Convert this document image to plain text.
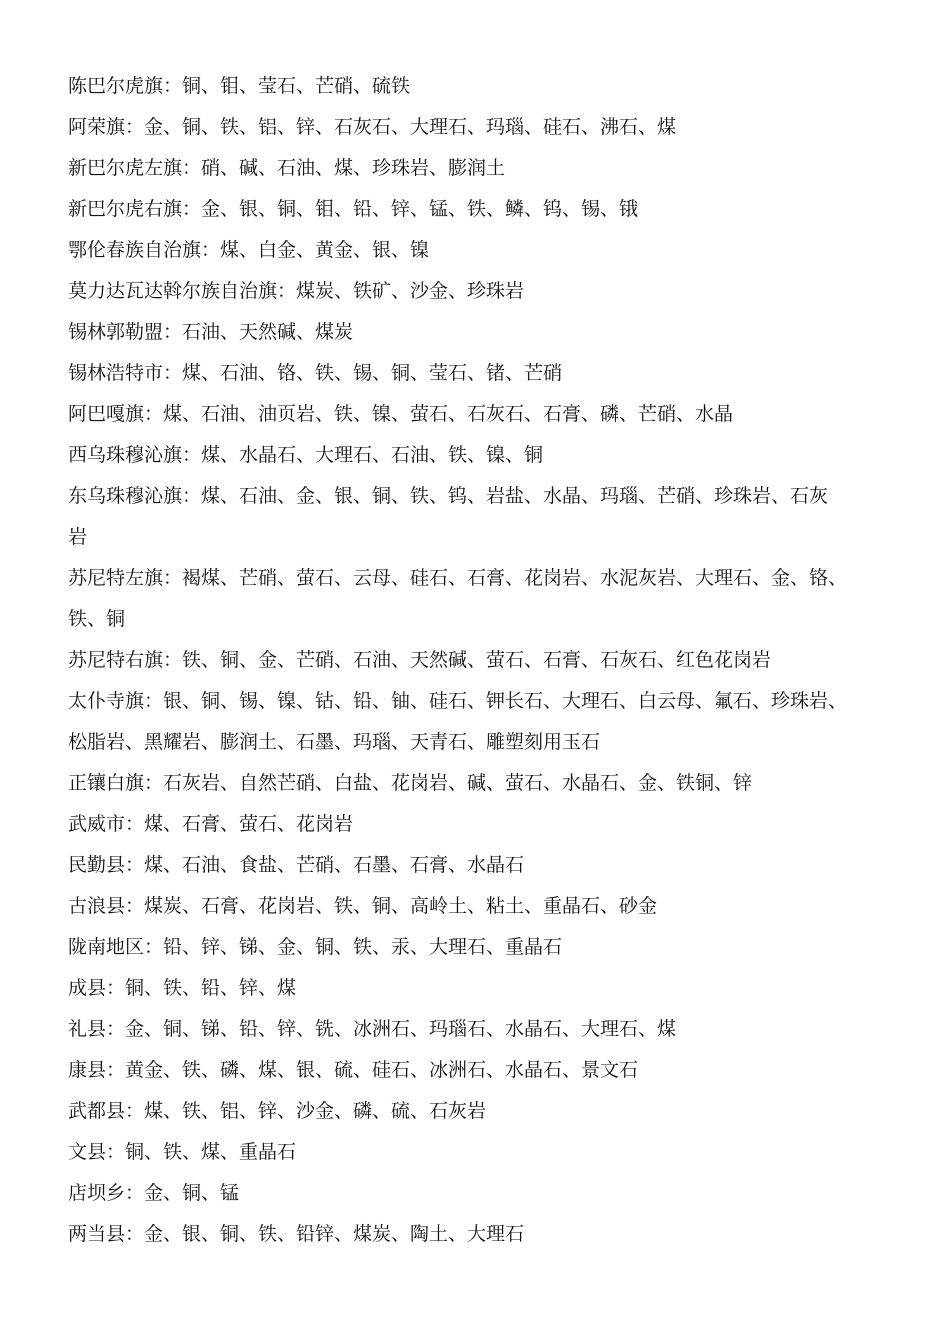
陈巴尔虎旗：铜、钼、莹石、芒硝、硫铁
阿荣旗：金、铜、铁、铝、锌、石灰石、大理石、玛瑙、硅石、沸石、煤
新巴尔虎左旗：硝、碱、石油、煤、珍珠岩、膨润土
新巴尔虎右旗：金、银、铜、钼、铅、锌、锰、铁、鳞、钨、锡、锇
鄂伦春族自治旗：煤、白金、黄金、银、镍
莫力达瓦达斡尔族自治旗：煤炭、铁矿、沙金、珍珠岩
锡林郭勒盟：石油、天然碱、煤炭
锡林浩特市：煤、石油、铬、铁、锡、铜、莹石、锗、芒硝
阿巴嘎旗：煤、石油、油页岩、铁、镍、萤石、石灰石、石膏、磷、芒硝、水晶
西乌珠穆沁旗：煤、水晶石、大理石、石油、铁、镍、铜
东乌珠穆沁旗：煤、石油、金、银、铜、铁、钨、岩盐、水晶、玛瑙、芒硝、珍珠岩、石灰
岩
苏尼特左旗：褐煤、芒硝、萤石、云母、硅石、石膏、花岗岩、水泥灰岩、大理石、金、铬、
铁、铜
苏尼特右旗：铁、铜、金、芒硝、石油、天然碱、萤石、石膏、石灰石、红色花岗岩
太仆寺旗：银、铜、锡、镍、钴、铅、铀、硅石、钾长石、大理石、白云母、氟石、珍珠岩、
松脂岩、黑耀岩、膨润土、石墨、玛瑙、天青石、雕塑刻用玉石
正镶白旗：石灰岩、自然芒硝、白盐、花岗岩、碱、萤石、水晶石、金、铁铜、锌
武威市：煤、石膏、萤石、花岗岩
民勤县：煤、石油、食盐、芒硝、石墨、石膏、水晶石
古浪县：煤炭、石膏、花岗岩、铁、铜、高岭土、粘土、重晶石、砂金
陇南地区：铅、锌、锑、金、铜、铁、汞、大理石、重晶石
成县：铜、铁、铅、锌、煤
礼县：金、铜、锑、铅、锌、铣、冰洲石、玛瑙石、水晶石、大理石、煤
康县：黄金、铁、磷、煤、银、硫、硅石、冰洲石、水晶石、景文石
武都县：煤、铁、铝、锌、沙金、磷、硫、石灰岩
文县：铜、铁、煤、重晶石
店坝乡：金、铜、锰
两当县：金、银、铜、铁、铅锌、煤炭、陶土、大理石
